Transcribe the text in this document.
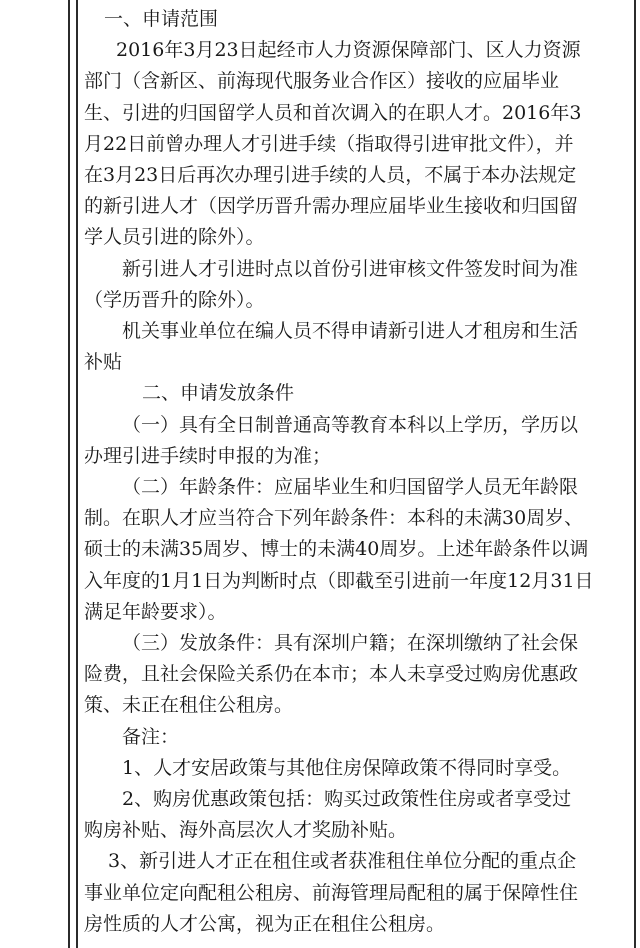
一、申请范围
2016年3月23日起经市人力资源保障部门、区人力资源
部门（含新区、前海现代服务业合作区）接收的应届毕业
生、引进的归国留学人员和首次调入的在职人才。2016年3
月22日前曾办理人才引进手续（指取得引进审批文件），并
在3月23日后再次办理引进手续的人员，不属于本办法规定
的新引进人才（因学历晋升需办理应届毕业生接收和归国留
学人员引进的除外）。
新引进人才引进时点以首份引进审核文件签发时间为准
（学历晋升的除外）。
机关事业单位在编人员不得申请新引进人才租房和生活
补贴
二、申请发放条件
（一）具有全日制普通高等教育本科以上学历，学历以
办理引进手续时申报的为准；
（二）年龄条件：应届毕业生和归国留学人员无年龄限
制。在职人才应当符合下列年龄条件：本科的未满30周岁、
硕士的未满35周岁、博士的未满40周岁。上述年龄条件以调
入年度的1月1日为判断时点（即截至引进前一年度12月31日
满足年龄要求）。
（三）发放条件：具有深圳户籍；在深圳缴纳了社会保
险费，且社会保险关系仍在本市；本人未享受过购房优惠政
策、未正在租住公租房。
备注：
1、人才安居政策与其他住房保障政策不得同时享受。
2、购房优惠政策包括：购买过政策性住房或者享受过
购房补贴、海外高层次人才奖励补贴。
3、新引进人才正在租住或者获准租住单位分配的重点企
事业单位定向配租公租房、前海管理局配租的属于保障性住
房性质的人才公寓，视为正在租住公租房。
